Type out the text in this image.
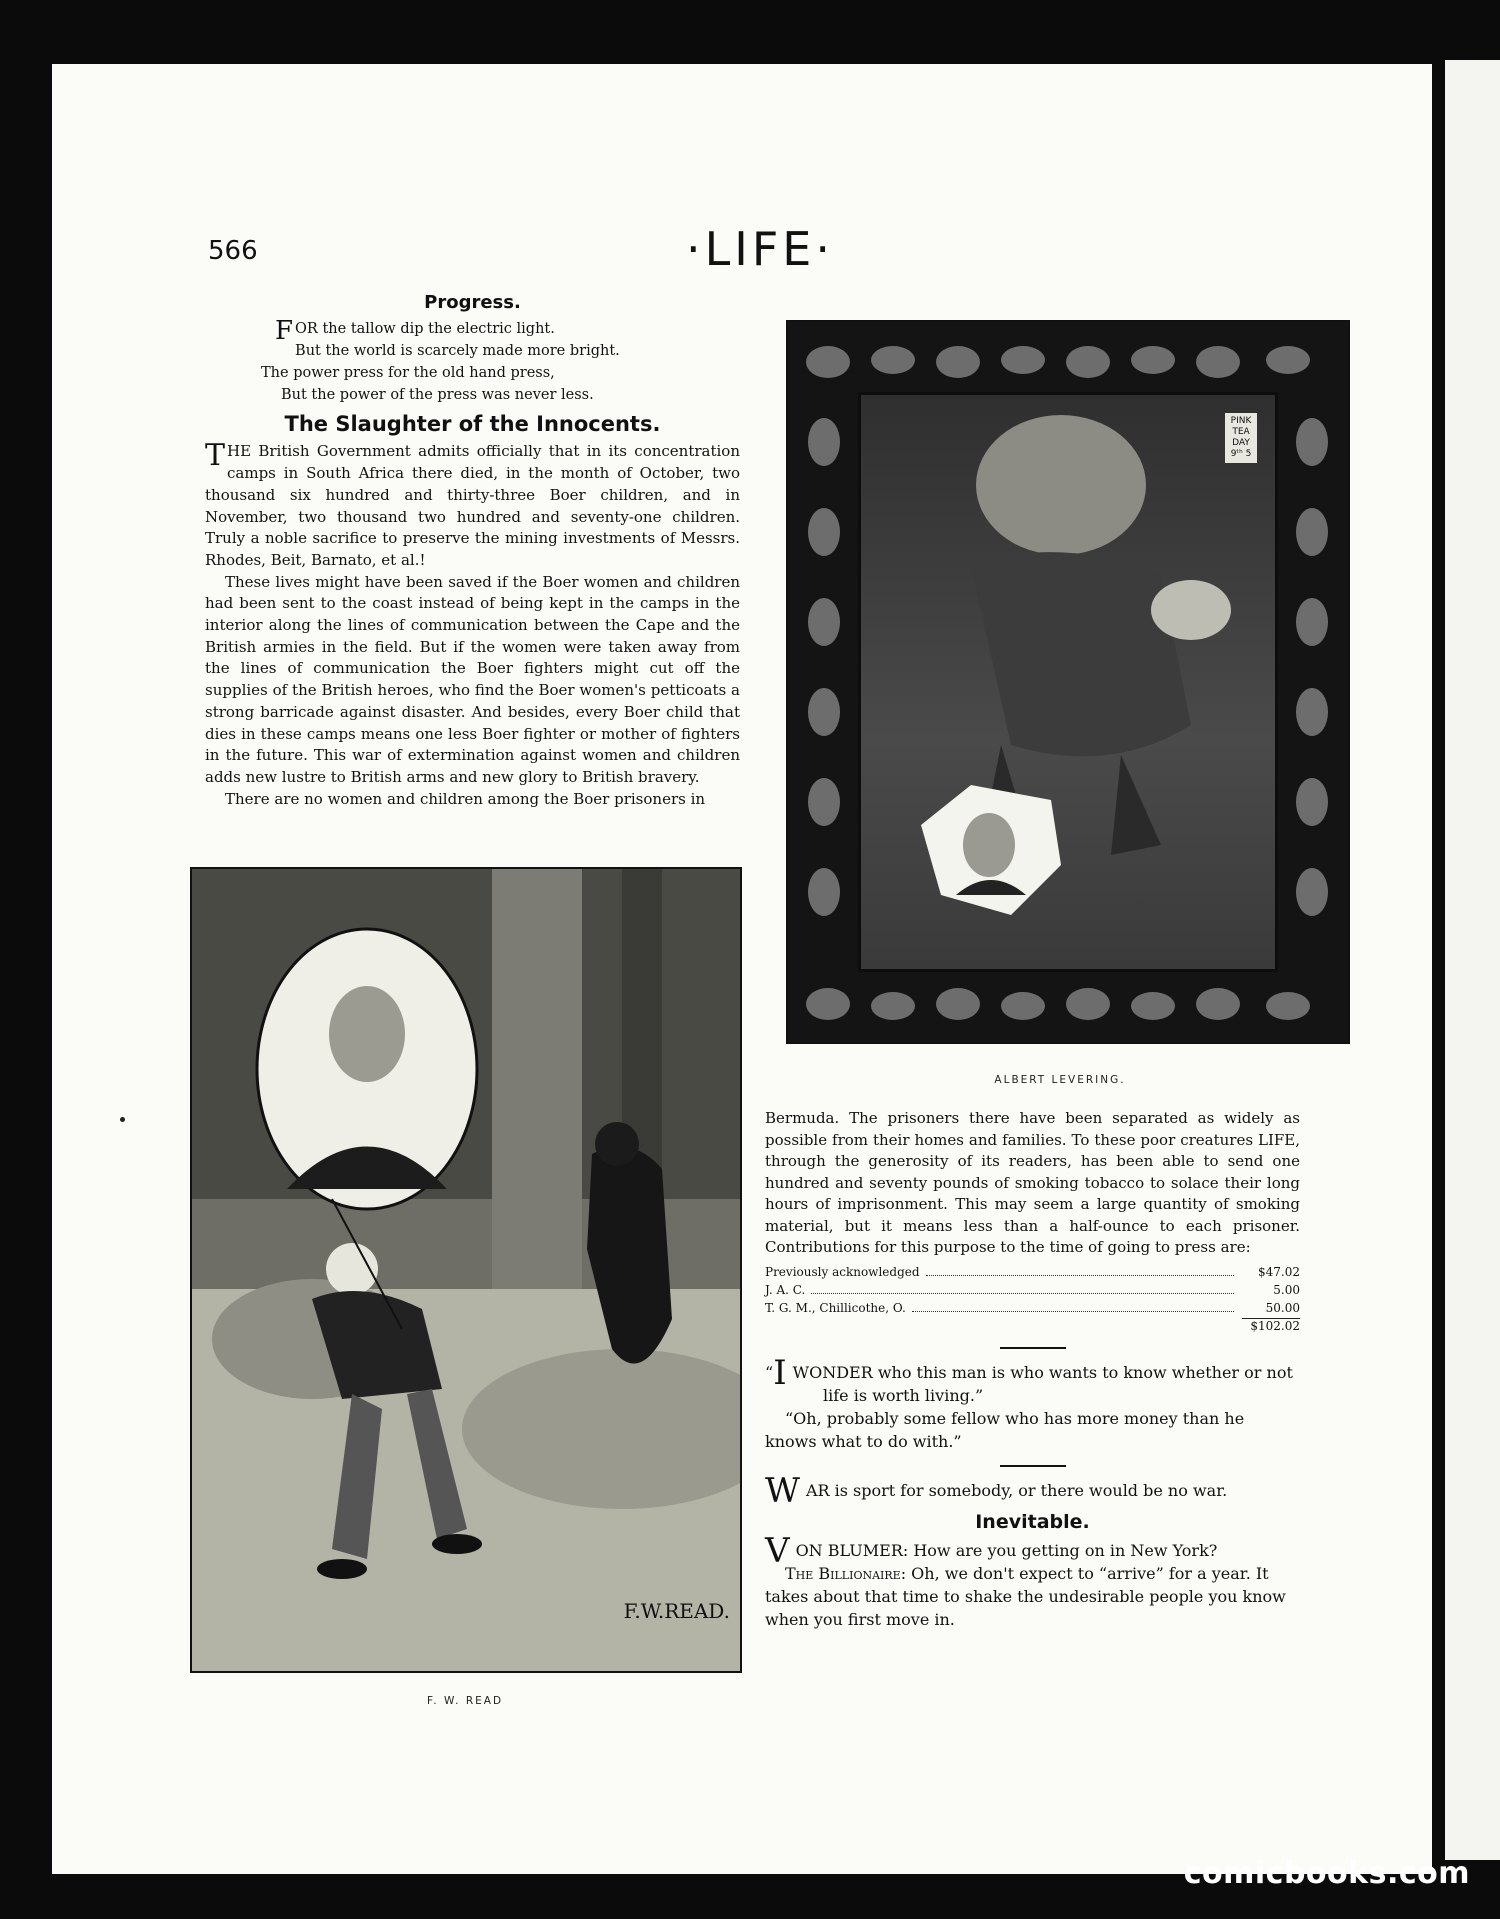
566	·LIFE·
Progress.
FOR the tallow dip the electric light.
But the world is scarcely made more bright.
The power press for the old hand press,
But the power of the press was never less.
The Slaughter of the Innocents.

THE British Government admits officially that in its concentration camps in South Africa there died, in the month of October, two thousand six hundred and thirty-three Boer children, and in November, two thousand two hundred and seventy-one children. Truly a noble sacrifice to preserve the mining investments of Messrs. Rhodes, Beit, Barnato, et al.!

These lives might have been saved if the Boer women and children had been sent to the coast instead of being kept in the camps in the interior along the lines of communication between the Cape and the British armies in the field. But if the women were taken away from the lines of communication the Boer fighters might cut off the supplies of the British heroes, who find the Boer women's petticoats a strong barricade against disaster. And besides, every Boer child that dies in these camps means one less Boer fighter or mother of fighters in the future. This war of extermination against women and children adds new lustre to British arms and new glory to British bravery.

There are no women and children among the Boer prisoners in

F.W.READ.
F. W. READ
PINK TEA DAY 9ᵗʰ 5
ALBERT LEVERING.

Bermuda. The prisoners there have been separated as widely as possible from their homes and families. To these poor creatures LIFE, through the generosity of its readers, has been able to send one hundred and seventy pounds of smoking tobacco to solace their long hours of imprisonment. This may seem a large quantity of smoking material, but it means less than a half-ounce to each prisoner. Contributions for this purpose to the time of going to press are:

Previously acknowledged	$47.02
J. A. C.	5.00
T. G. M., Chillicothe, O.	50.00
$102.02
“I WONDER who this man is who wants to know whether or not life is worth living.”
“Oh, probably some fellow who has more money than he knows what to do with.”
WAR is sport for somebody, or there would be no war.
Inevitable.
VON BLUMER: How are you getting on in New York?
The Billionaire: Oh, we don't expect to “arrive” for a year. It takes about that time to shake the undesirable people you know when you first move in.
comicbooks.com
